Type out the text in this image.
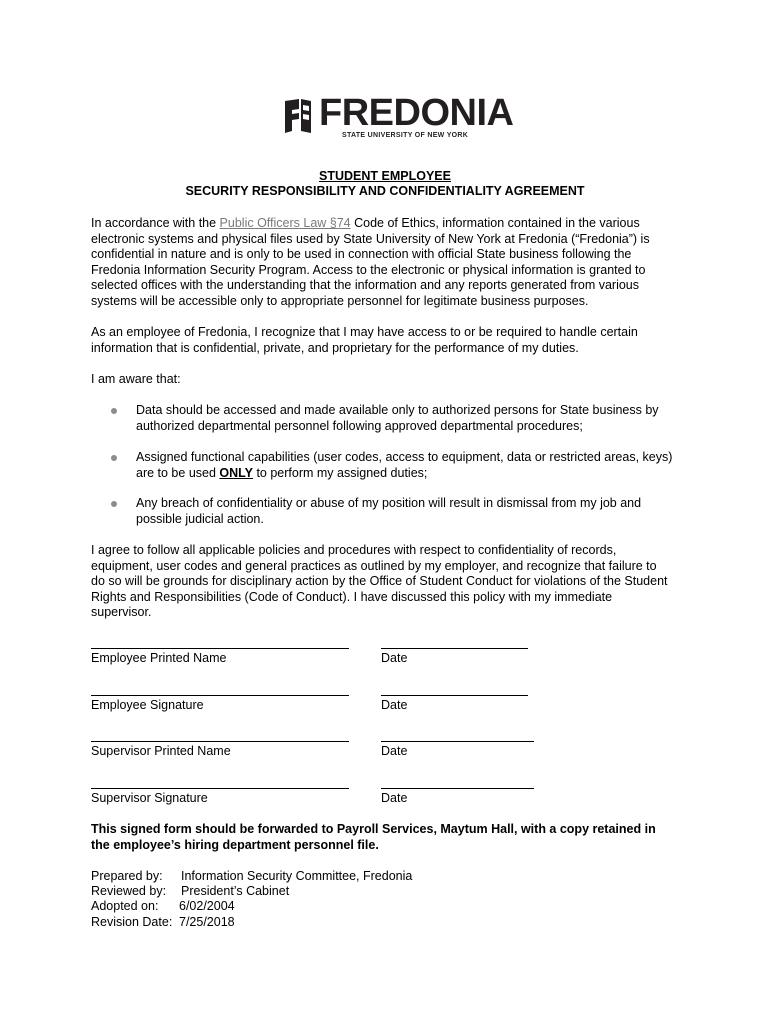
FREDONIA
STATE UNIVERSITY OF NEW YORK
STUDENT EMPLOYEE
SECURITY RESPONSIBILITY AND CONFIDENTIALITY AGREEMENT
In accordance with the Public Officers Law §74 Code of Ethics, information contained in the various
electronic systems and physical files used by State University of New York at Fredonia (“Fredonia”) is
confidential in nature and is only to be used in connection with official State business following the
Fredonia Information Security Program. Access to the electronic or physical information is granted to
selected offices with the understanding that the information and any reports generated from various
systems will be accessible only to appropriate personnel for legitimate business purposes.
As an employee of Fredonia, I recognize that I may have access to or be required to handle certain
information that is confidential, private, and proprietary for the performance of my duties.
I am aware that:
Data should be accessed and made available only to authorized persons for State business by
authorized departmental personnel following approved departmental procedures;
Assigned functional capabilities (user codes, access to equipment, data or restricted areas, keys)
are to be used ONLY to perform my assigned duties;
Any breach of confidentiality or abuse of my position will result in dismissal from my job and
possible judicial action.
I agree to follow all applicable policies and procedures with respect to confidentiality of records,
equipment, user codes and general practices as outlined by my employer, and recognize that failure to
do so will be grounds for disciplinary action by the Office of Student Conduct for violations of the Student
Rights and Responsibilities (Code of Conduct). I have discussed this policy with my immediate
supervisor.
Employee Printed Name	Date
Employee Signature	Date
Supervisor Printed Name	Date
Supervisor Signature	Date
This signed form should be forwarded to Payroll Services, Maytum Hall, with a copy retained in
the employee’s hiring department personnel file.
Prepared by: Information Security Committee, Fredonia
Reviewed by: President’s Cabinet
Adopted on: 6/02/2004
Revision Date: 7/25/2018
